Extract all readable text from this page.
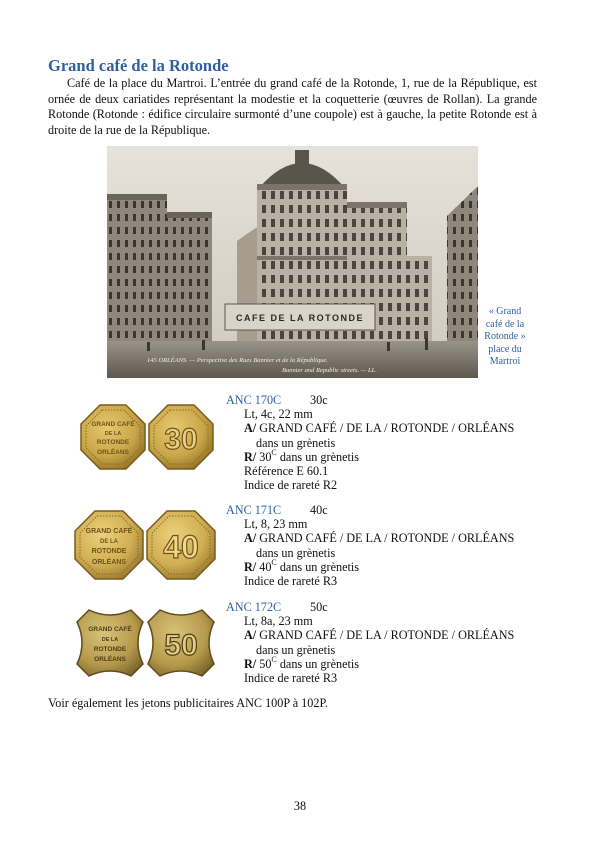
Grand café de la Rotonde

Café de la place du Martroi. L’entrée du grand café de la Rotonde, 1, rue de la République, est ornée de deux cariatides représentant la modestie et la coquetterie (œuvres de Rollan). La grande Rotonde (Rotonde : édifice circulaire surmonté d’une coupole) est à gauche, la petite Rotonde est à droite de la rue de la République.

CAFE DE LA ROTONDE
145 ORLÉANS. — Perspective des Rues Bannier et de la République.
Bannier and Republic streets. — LL.
« Grand café de la Rotonde » place du Martroi
GRAND CAFÉ
DE LA
ROTONDE
ORLÉANS 30
GRAND CAFÉ
DE LA
ROTONDE
ORLÉANS 40
GRAND CAFÉ
DE LA
ROTONDE
ORLÉANS 50
ANC 170C 30c
Lt, 4c, 22 mm
A/ GRAND CAFÉ / DE LA / ROTONDE / ORLÉANS
dans un grènetis
R/ $30^C$ dans un grènetis
Référence E 60.1
Indice de rareté R2
ANC 171C 40c
Lt, 8, 23 mm
A/ GRAND CAFÉ / DE LA / ROTONDE / ORLÉANS
dans un grènetis
R/ $40^C$ dans un grènetis
Indice de rareté R3
ANC 172C 50c
Lt, 8a, 23 mm
A/ GRAND CAFÉ / DE LA / ROTONDE / ORLÉANS
dans un grènetis
R/ $50^C$ dans un grènetis
Indice de rareté R3

Voir également les jetons publicitaires ANC 100P à 102P.

38
